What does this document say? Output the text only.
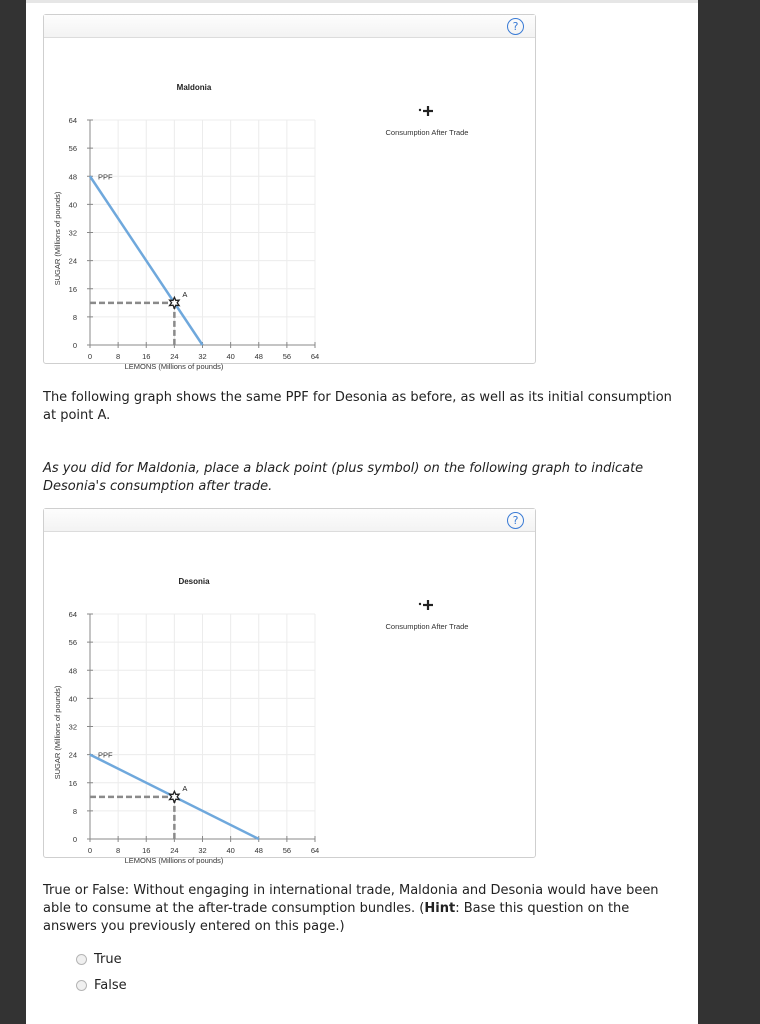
?
0	8	16	24	32	40	48	56	64
0
8
16
24
32
40
48
56
64
Maldonia
LEMONS (Millions of pounds)
SUGAR (Millions of pounds)
PPF
A
Consumption After Trade

The following graph shows the same PPF for Desonia as before, as well as its initial consumption at point A.

As you did for Maldonia, place a black point (plus symbol) on the following graph to indicate Desonia's consumption after trade.

?
0	8	16	24	32	40	48	56	64
0
8
16
24
32
40
48
56
64
Desonia
LEMONS (Millions of pounds)
SUGAR (Millions of pounds)	PPF
A
Consumption After Trade

True or False: Without engaging in international trade, Maldonia and Desonia would have been able to consume at the after-trade consumption bundles. (Hint: Base this question on the answers you previously entered on this page.)

True
False
